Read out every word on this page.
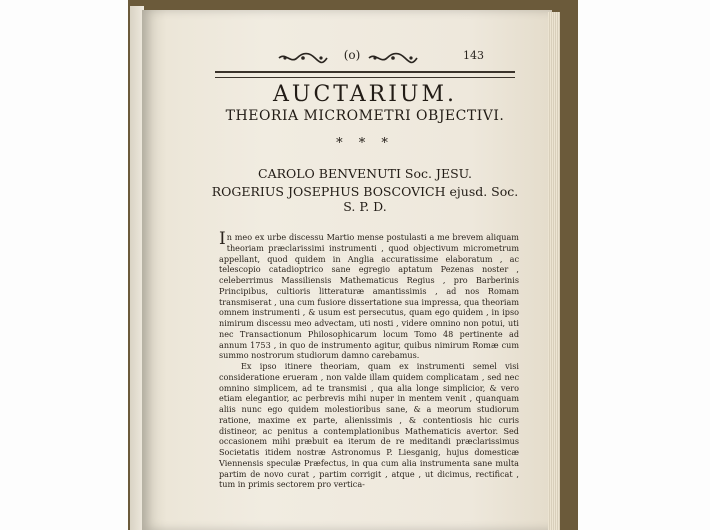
(o)	143
AUCTARIUM.
THEORIA MICROMETRI OBJECTIVI.
* * *
CAROLO BENVENUTI Soc. JESU.
ROGERIUS JOSEPHUS BOSCOVICH ejusd. Soc. S. P. D.

In meo ex urbe discessu Martio mense postulasti a me brevem aliquam theoriam præclarissimi instrumenti , quod objectivum micrometrum appellant, quod quidem in Anglia accuratissime elaboratum , ac telescopio catadioptrico sane egregio aptatum Pezenas noster , celeberrimus Massiliensis Mathematicus Regius , pro Barberinis Principibus, cultioris litteraturæ amantissimis , ad nos Romam transmiserat , una cum fusiore dissertatione sua impressa, qua theoriam omnem instrumenti , & usum est persecutus, quam ego quidem , in ipso nimirum discessu meo advectam, uti nosti , videre omnino non potui, uti nec Transactionum Philosophicarum locum Tomo 48 pertinente ad annum 1753 , in quo de instrumento agitur, quibus nimirum Romæ cum summo nostrorum studiorum damno carebamus.

Ex ipso itinere theoriam, quam ex instrumenti semel visi consideratione erueram , non valde illam quidem complicatam , sed nec omnino simplicem, ad te transmisi , qua alia longe simplicior, & vero etiam elegantior, ac perbrevis mihi nuper in mentem venit , quanquam aliis nunc ego quidem molestioribus sane, & a meorum studiorum ratione, maxime ex parte, alienissimis , & contentiosis hic curis distineor, ac penitus a contemplationibus Mathematicis avertor. Sed occasionem mihi præbuit ea iterum de re meditandi præclarissimus Societatis itidem nostræ Astronomus P. Liesganig, hujus domesticæ Viennensis speculæ Præfectus, in qua cum alia instrumenta sane multa partim de novo curat , partim corrigit , atque , ut dicimus, rectificat , tum in primis sectorem pro vertica-
